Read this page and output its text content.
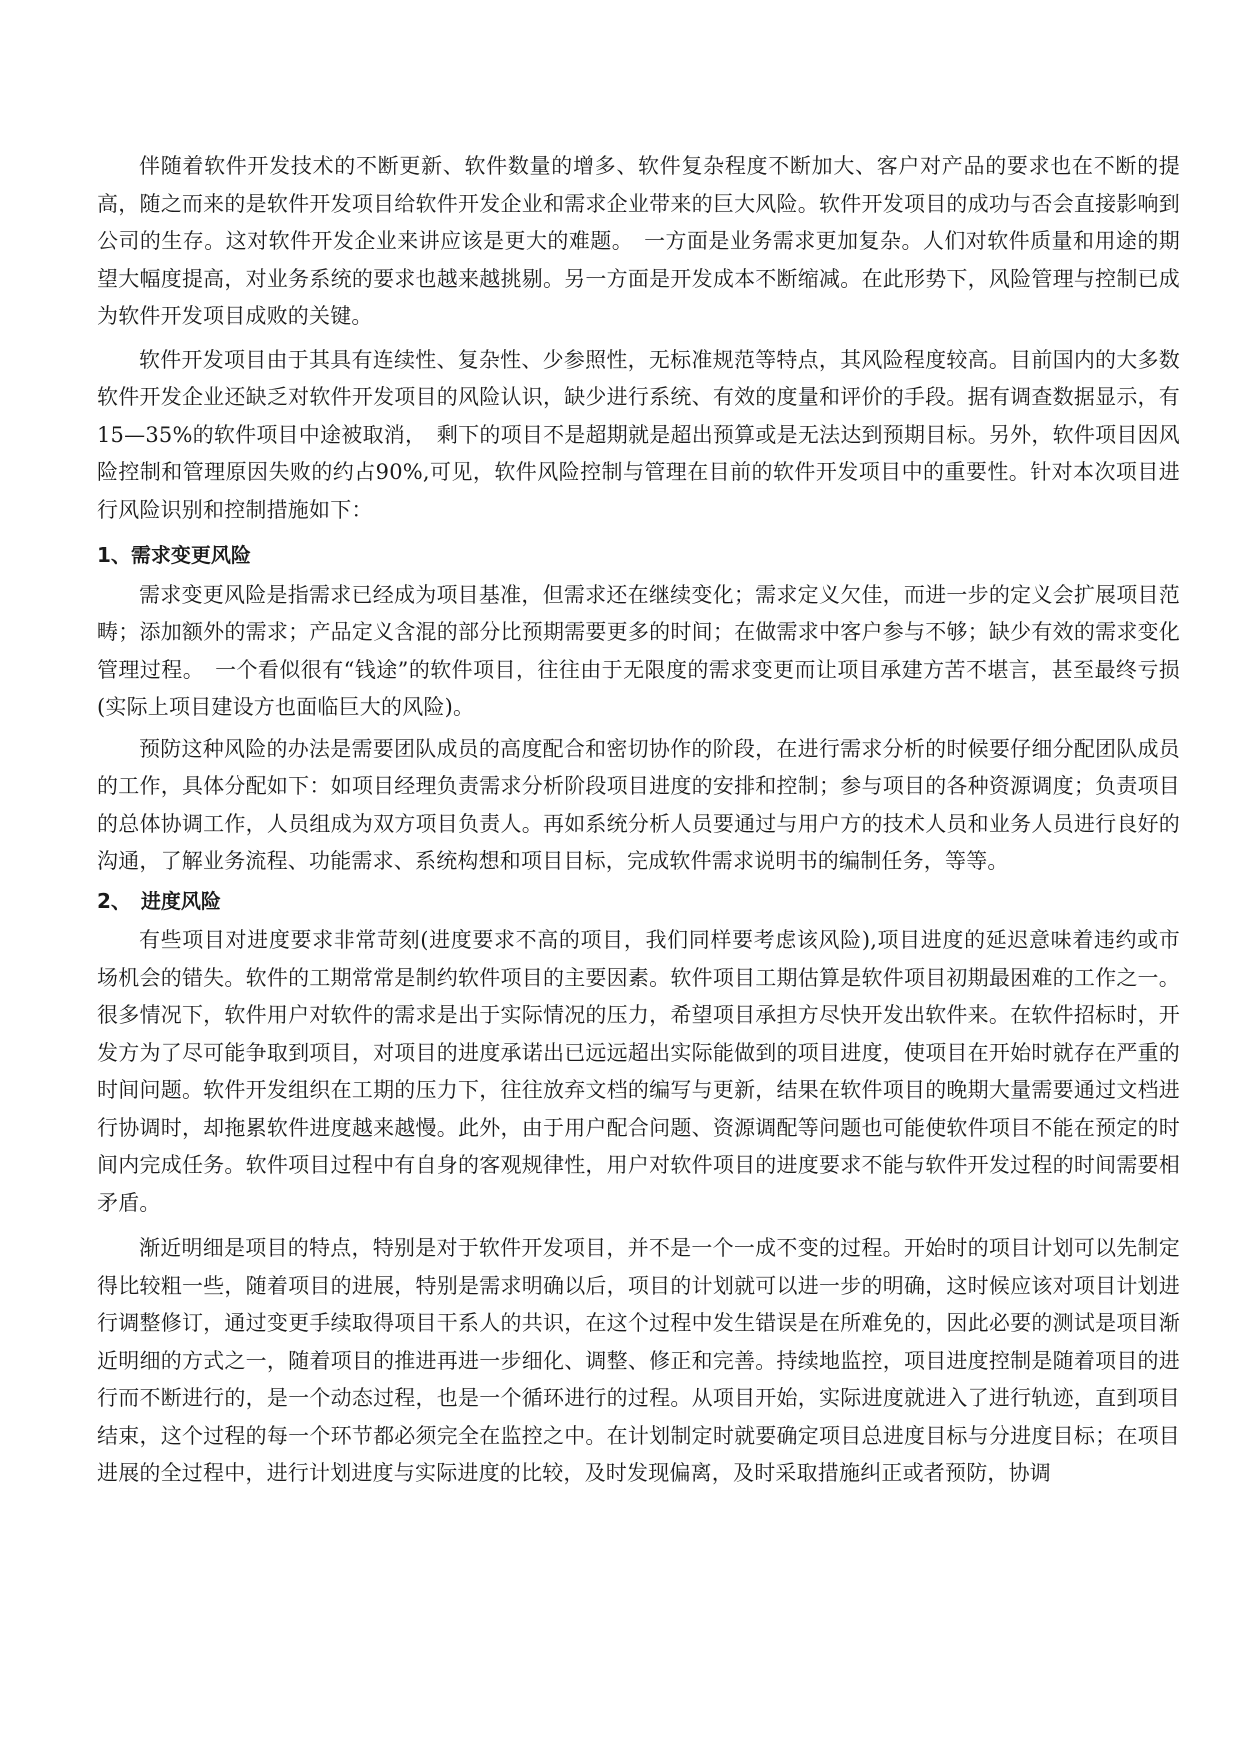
伴随着软件开发技术的不断更新、软件数量的增多、软件复杂程度不断加大、客户对产品的要求也在不断的提高，随之而来的是软件开发项目给软件开发企业和需求企业带来的巨大风险。软件开发项目的成功与否会直接影响到公司的生存。这对软件开发企业来讲应该是更大的难题。　一方面是业务需求更加复杂。人们对软件质量和用途的期望大幅度提高，对业务系统的要求也越来越挑剔。另一方面是开发成本不断缩减。在此形势下，风险管理与控制已成为软件开发项目成败的关键。

软件开发项目由于其具有连续性、复杂性、少参照性，无标准规范等特点，其风险程度较高。目前国内的大多数软件开发企业还缺乏对软件开发项目的风险认识，缺少进行系统、有效的度量和评价的手段。据有调查数据显示，有15—35%的软件项目中途被取消，　剩下的项目不是超期就是超出预算或是无法达到预期目标。另外，软件项目因风险控制和管理原因失败的约占90%,可见，软件风险控制与管理在目前的软件开发项目中的重要性。针对本次项目进行风险识别和控制措施如下：

1、需求变更风险

需求变更风险是指需求已经成为项目基准，但需求还在继续变化；需求定义欠佳，而进一步的定义会扩展项目范畴；添加额外的需求；产品定义含混的部分比预期需要更多的时间；在做需求中客户参与不够；缺少有效的需求变化管理过程。　一个看似很有“钱途”的软件项目，往往由于无限度的需求变更而让项目承建方苦不堪言，甚至最终亏损(实际上项目建设方也面临巨大的风险)。

预防这种风险的办法是需要团队成员的高度配合和密切协作的阶段，在进行需求分析的时候要仔细分配团队成员的工作，具体分配如下：如项目经理负责需求分析阶段项目进度的安排和控制；参与项目的各种资源调度；负责项目的总体协调工作，人员组成为双方项目负责人。再如系统分析人员要通过与用户方的技术人员和业务人员进行良好的沟通，了解业务流程、功能需求、系统构想和项目目标，完成软件需求说明书的编制任务，等等。

2、 进度风险

有些项目对进度要求非常苛刻(进度要求不高的项目，我们同样要考虑该风险),项目进度的延迟意味着违约或市场机会的错失。软件的工期常常是制约软件项目的主要因素。软件项目工期估算是软件项目初期最困难的工作之一。很多情况下，软件用户对软件的需求是出于实际情况的压力，希望项目承担方尽快开发出软件来。在软件招标时，开发方为了尽可能争取到项目，对项目的进度承诺出已远远超出实际能做到的项目进度，使项目在开始时就存在严重的时间问题。软件开发组织在工期的压力下，往往放弃文档的编写与更新，结果在软件项目的晚期大量需要通过文档进行协调时，却拖累软件进度越来越慢。此外，由于用户配合问题、资源调配等问题也可能使软件项目不能在预定的时间内完成任务。软件项目过程中有自身的客观规律性，用户对软件项目的进度要求不能与软件开发过程的时间需要相矛盾。

渐近明细是项目的特点，特别是对于软件开发项目，并不是一个一成不变的过程。开始时的项目计划可以先制定得比较粗一些，随着项目的进展，特别是需求明确以后，项目的计划就可以进一步的明确，这时候应该对项目计划进行调整修订，通过变更手续取得项目干系人的共识，在这个过程中发生错误是在所难免的，因此必要的测试是项目渐近明细的方式之一，随着项目的推进再进一步细化、调整、修正和完善。持续地监控，项目进度控制是随着项目的进行而不断进行的，是一个动态过程，也是一个循环进行的过程。从项目开始，实际进度就进入了进行轨迹，直到项目结束，这个过程的每一个环节都必须完全在监控之中。在计划制定时就要确定项目总进度目标与分进度目标；在项目进展的全过程中，进行计划进度与实际进度的比较，及时发现偏离，及时采取措施纠正或者预防，协调
